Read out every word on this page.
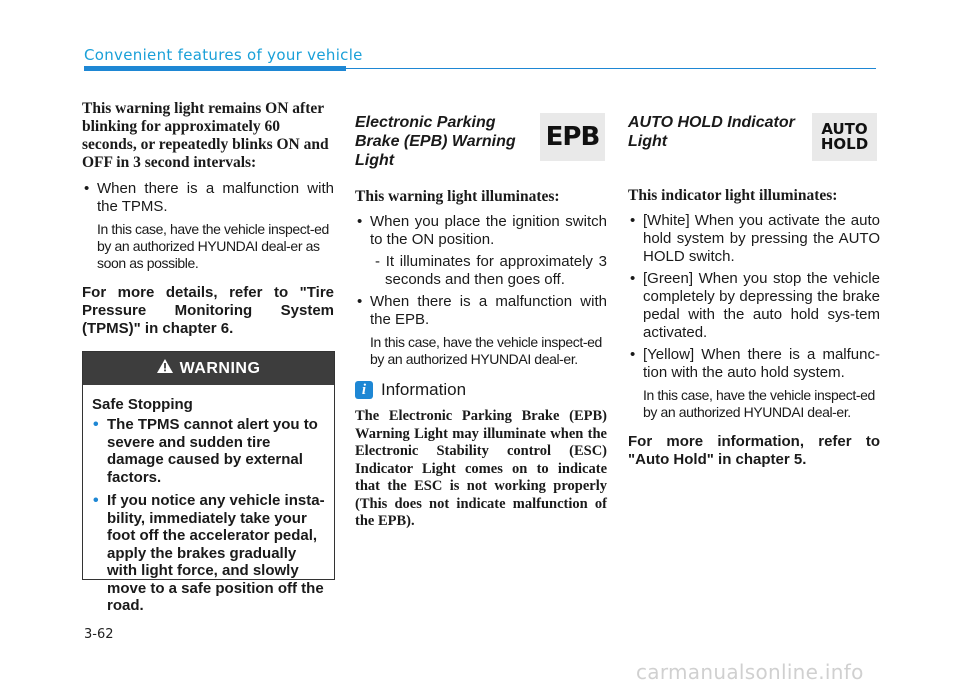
Convenient features of your vehicle

This warning light remains ON after blinking for approximately 60 seconds, or repeatedly blinks ON and OFF in 3 second intervals:

• When there is a malfunction with the TPMS.

In this case, have the vehicle inspect-ed by an authorized HYUNDAI deal-er as soon as possible.

For more details, refer to "Tire Pressure Monitoring System (TPMS)" in chapter 6.

WARNING

Safe Stopping

• The TPMS cannot alert you to severe and sudden tire damage caused by external factors.
• If you notice any vehicle insta-bility, immediately take your foot off the accelerator pedal, apply the brakes gradually with light force, and slowly move to a safe position off the road.
EPB

Electronic Parking Brake (EPB) Warning Light

This warning light illuminates:

• When you place the ignition switch to the ON position.

- It illuminates for approximately 3 seconds and then goes off.

• When there is a malfunction with the EPB.

In this case, have the vehicle inspect-ed by an authorized HYUNDAI deal-er.

i Information

The Electronic Parking Brake (EPB) Warning Light may illuminate when the Electronic Stability control (ESC) Indicator Light comes on to indicate that the ESC is not working properly (This does not indicate malfunction of the EPB).

AUTO
HOLD

AUTO HOLD Indicator Light

This indicator light illuminates:

• [White] When you activate the auto hold system by pressing the AUTO HOLD switch.
• [Green] When you stop the vehicle completely by depressing the brake pedal with the auto hold sys-tem activated.
• [Yellow] When there is a malfunc-tion with the auto hold system.

In this case, have the vehicle inspect-ed by an authorized HYUNDAI deal-er.

For more information, refer to "Auto Hold" in chapter 5.

3-62
carmanualsonline.info
